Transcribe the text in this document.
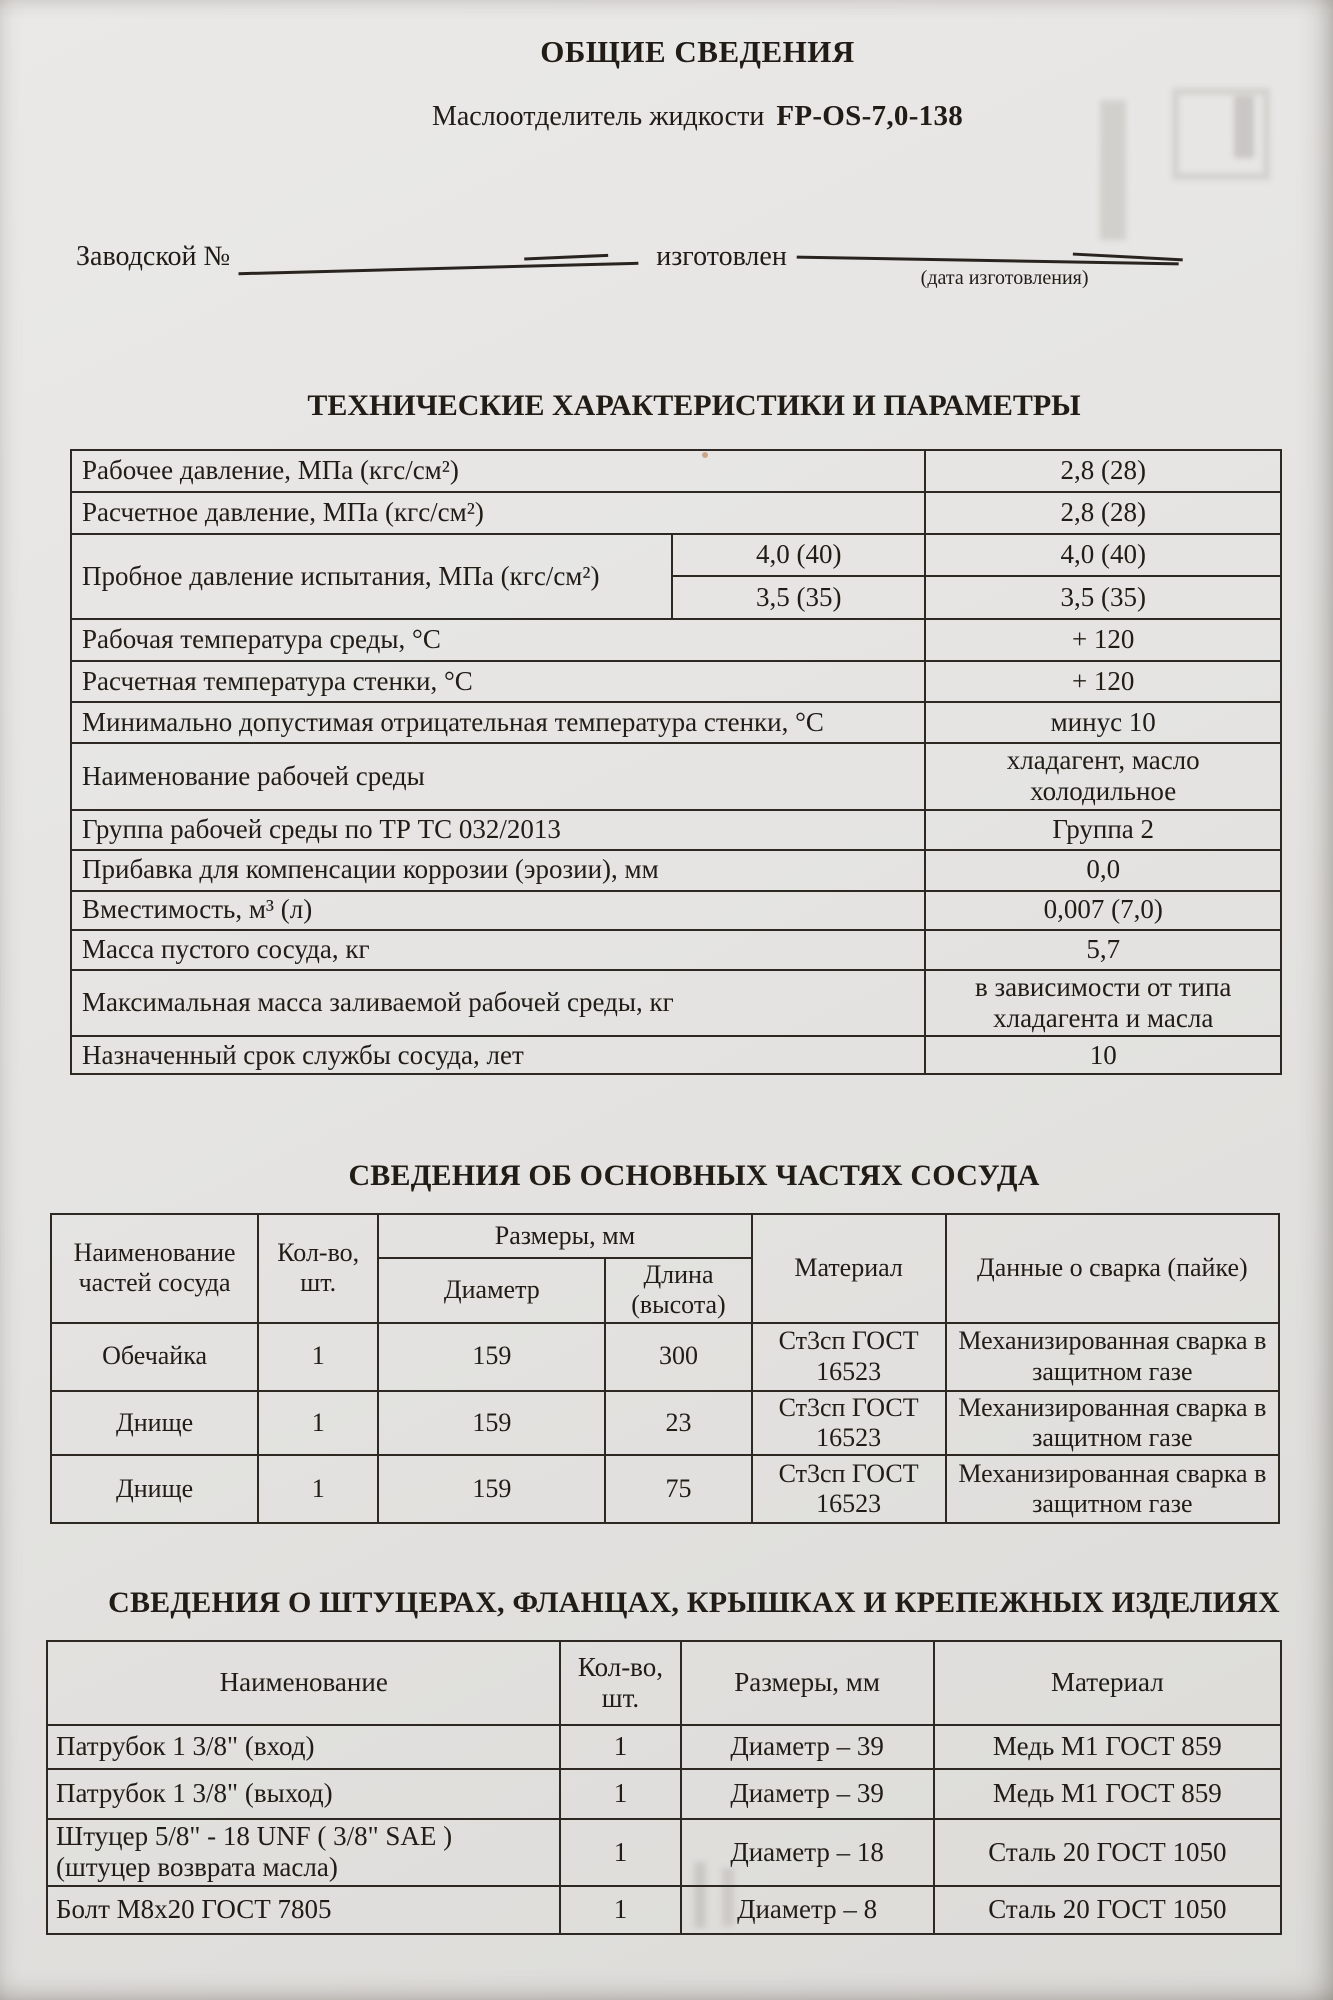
ОБЩИЕ СВЕДЕНИЯ
Маслоотделитель жидкости FP-OS-7,0-138
Заводской №	изготовлен
(дата изготовления)
ТЕХНИЧЕСКИЕ ХАРАКТЕРИСТИКИ И ПАРАМЕТРЫ
Рабочее давление, МПа (кгс/см²)		2,8 (28)
Расчетное давление, МПа (кгс/см²)		2,8 (28)
Пробное давление испытания, МПа (кгс/см²)	4,0 (40)	4,0 (40)
	3,5 (35)	3,5 (35)
Рабочая температура среды, °С		+ 120
Расчетная температура стенки, °С		+ 120
Минимально допустимая отрицательная температура стенки, °С		минус 10
Наименование рабочей среды		хладагент, масло холодильное
Группа рабочей среды по ТР ТС 032/2013		Группа 2
Прибавка для компенсации коррозии (эрозии), мм		0,0
Вместимость, м³ (л)		0,007 (7,0)
Масса пустого сосуда, кг		5,7
Максимальная масса заливаемой рабочей среды, кг		в зависимости от типа хладагента и масла
Назначенный срок службы сосуда, лет		10
СВЕДЕНИЯ ОБ ОСНОВНЫХ ЧАСТЯХ СОСУДА
Наименование частей сосуда	Кол-во, шт.	Размеры, мм		Материал	Данные о сварка (пайке)
		Диаметр	Длина (высота)		
Обечайка	1	159	300	Ст3сп ГОСТ 16523	Механизированная сварка в защитном газе
Днище	1	159	23	Ст3сп ГОСТ 16523	Механизированная сварка в защитном газе
Днище	1	159	75	Ст3сп ГОСТ 16523	Механизированная сварка в защитном газе
СВЕДЕНИЯ О ШТУЦЕРАХ, ФЛАНЦАХ, КРЫШКАХ И КРЕПЕЖНЫХ ИЗДЕЛИЯХ
Наименование	Кол-во, шт.	Размеры, мм	Материал
Патрубок 1 3/8" (вход)	1	Диаметр – 39	Медь М1 ГОСТ 859
Патрубок 1 3/8" (выход)	1	Диаметр – 39	Медь М1 ГОСТ 859
Штуцер 5/8" - 18 UNF ( 3/8" SAE )
(штуцер возврата масла)	1	Диаметр – 18	Сталь 20 ГОСТ 1050
Болт М8х20 ГОСТ 7805	1	Диаметр – 8	Сталь 20 ГОСТ 1050
